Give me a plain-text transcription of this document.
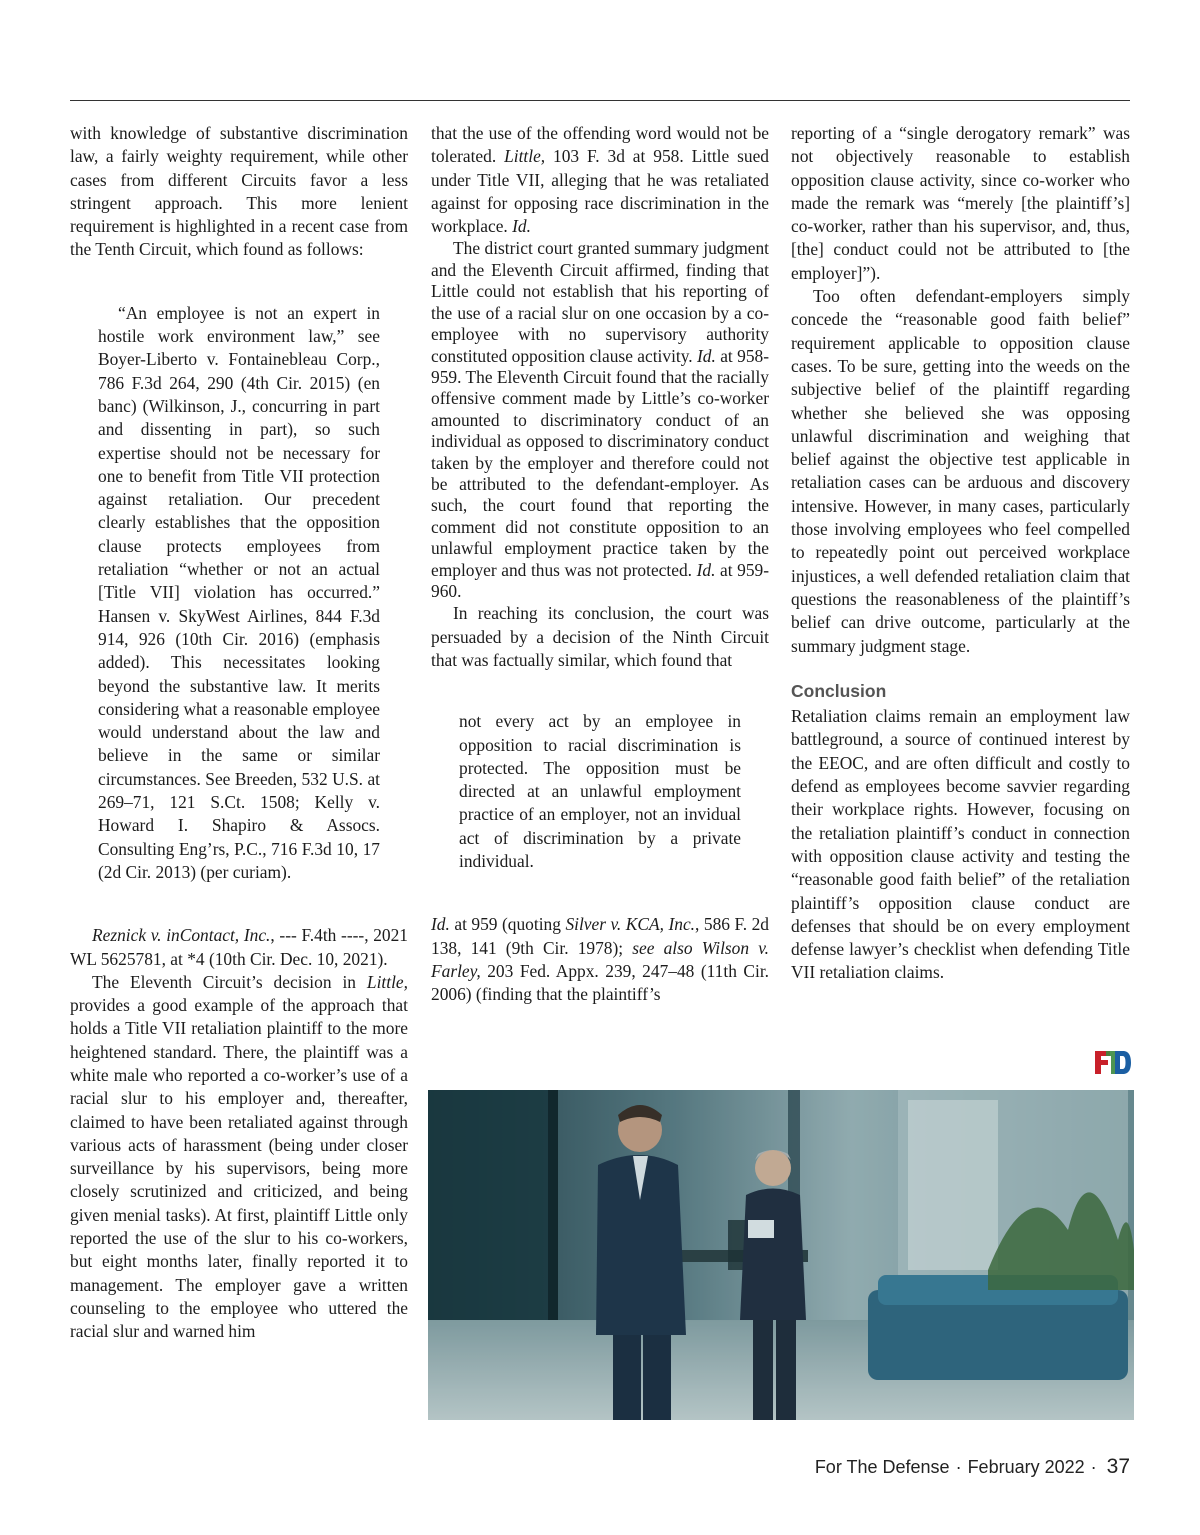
with knowledge of substantive discrimination law, a fairly weighty requirement, while other cases from different Circuits favor a less stringent approach. This more lenient requirement is highlighted in a recent case from the Tenth Circuit, which found as follows:

“An employee is not an expert in hostile work environment law,” see Boyer-Liberto v. Fontainebleau Corp., 786 F.3d 264, 290 (4th Cir. 2015) (en banc) (Wilkinson, J., concurring in part and dissenting in part), so such expertise should not be necessary for one to benefit from Title VII protection against retaliation. Our precedent clearly establishes that the opposition clause protects employees from retaliation “whether or not an actual [Title VII] violation has occurred.” Hansen v. SkyWest Airlines, 844 F.3d 914, 926 (10th Cir. 2016) (emphasis added). This necessitates looking beyond the substantive law. It merits considering what a reasonable employee would understand about the law and believe in the same or similar circumstances. See Breeden, 532 U.S. at 269–71, 121 S.Ct. 1508; Kelly v. Howard I. Shapiro & Assocs. Consulting Eng’rs, P.C., 716 F.3d 10, 17 (2d Cir. 2013) (per curiam).

Reznick v. inContact, Inc., --- F.4th ----, 2021 WL 5625781, at *4 (10th Cir. Dec. 10, 2021).

The Eleventh Circuit’s decision in Little, provides a good example of the approach that holds a Title VII retaliation plaintiff to the more heightened standard. There, the plaintiff was a white male who reported a co-worker’s use of a racial slur to his employer and, thereafter, claimed to have been retaliated against through various acts of harassment (being under closer surveillance by his supervisors, being more closely scrutinized and criticized, and being given menial tasks). At first, plaintiff Little only reported the use of the slur to his co-workers, but eight months later, finally reported it to management. The employer gave a written counseling to the employee who uttered the racial slur and warned him

that the use of the offending word would not be tolerated. Little, 103 F. 3d at 958. Little sued under Title VII, alleging that he was retaliated against for opposing race discrimination in the workplace. Id.

The district court granted summary judgment and the Eleventh Circuit affirmed, finding that Little could not establish that his reporting of the use of a racial slur on one occasion by a co-employee with no supervisory authority constituted opposition clause activity. Id. at 958-959. The Eleventh Circuit found that the racially offensive comment made by Little’s co-worker amounted to discriminatory conduct of an individual as opposed to discriminatory conduct taken by the employer and therefore could not be attributed to the defendant-employer. As such, the court found that reporting the comment did not constitute opposition to an unlawful employment practice taken by the employer and thus was not protected. Id. at 959-960.

In reaching its conclusion, the court was persuaded by a decision of the Ninth Circuit that was factually similar, which found that

not every act by an employee in opposition to racial discrimination is protected. The opposition must be directed at an unlawful employment practice of an employer, not an invidual act of discrimination by a private individual.

Id. at 959 (quoting Silver v. KCA, Inc., 586 F. 2d 138, 141 (9th Cir. 1978); see also Wilson v. Farley, 203 Fed. Appx. 239, 247–48 (11th Cir. 2006) (finding that the plaintiff’s

reporting of a “single derogatory remark” was not objectively reasonable to establish opposition clause activity, since co-worker who made the remark was “merely [the plaintiff’s] co-worker, rather than his supervisor, and, thus, [the] conduct could not be attributed to [the employer]”).

Too often defendant-employers simply concede the “reasonable good faith belief” requirement applicable to opposition clause cases. To be sure, getting into the weeds on the subjective belief of the plaintiff regarding whether she believed she was opposing unlawful discrimination and weighing that belief against the objective test applicable in retaliation cases can be arduous and discovery intensive. However, in many cases, particularly those involving employees who feel compelled to repeatedly point out perceived workplace injustices, a well defended retaliation claim that questions the reasonableness of the plaintiff’s belief can drive outcome, particularly at the summary judgment stage.

Conclusion

Retaliation claims remain an employment law battleground, a source of continued interest by the EEOC, and are often difficult and costly to defend as employees become savvier regarding their workplace rights. However, focusing on the retaliation plaintiff’s conduct in connection with opposition clause activity and testing the “reasonable good faith belief” of the retaliation plaintiff’s opposition clause conduct are defenses that should be on every employment defense lawyer’s checklist when defending Title VII retaliation claims.

For The Defense · February 2022 · 37
